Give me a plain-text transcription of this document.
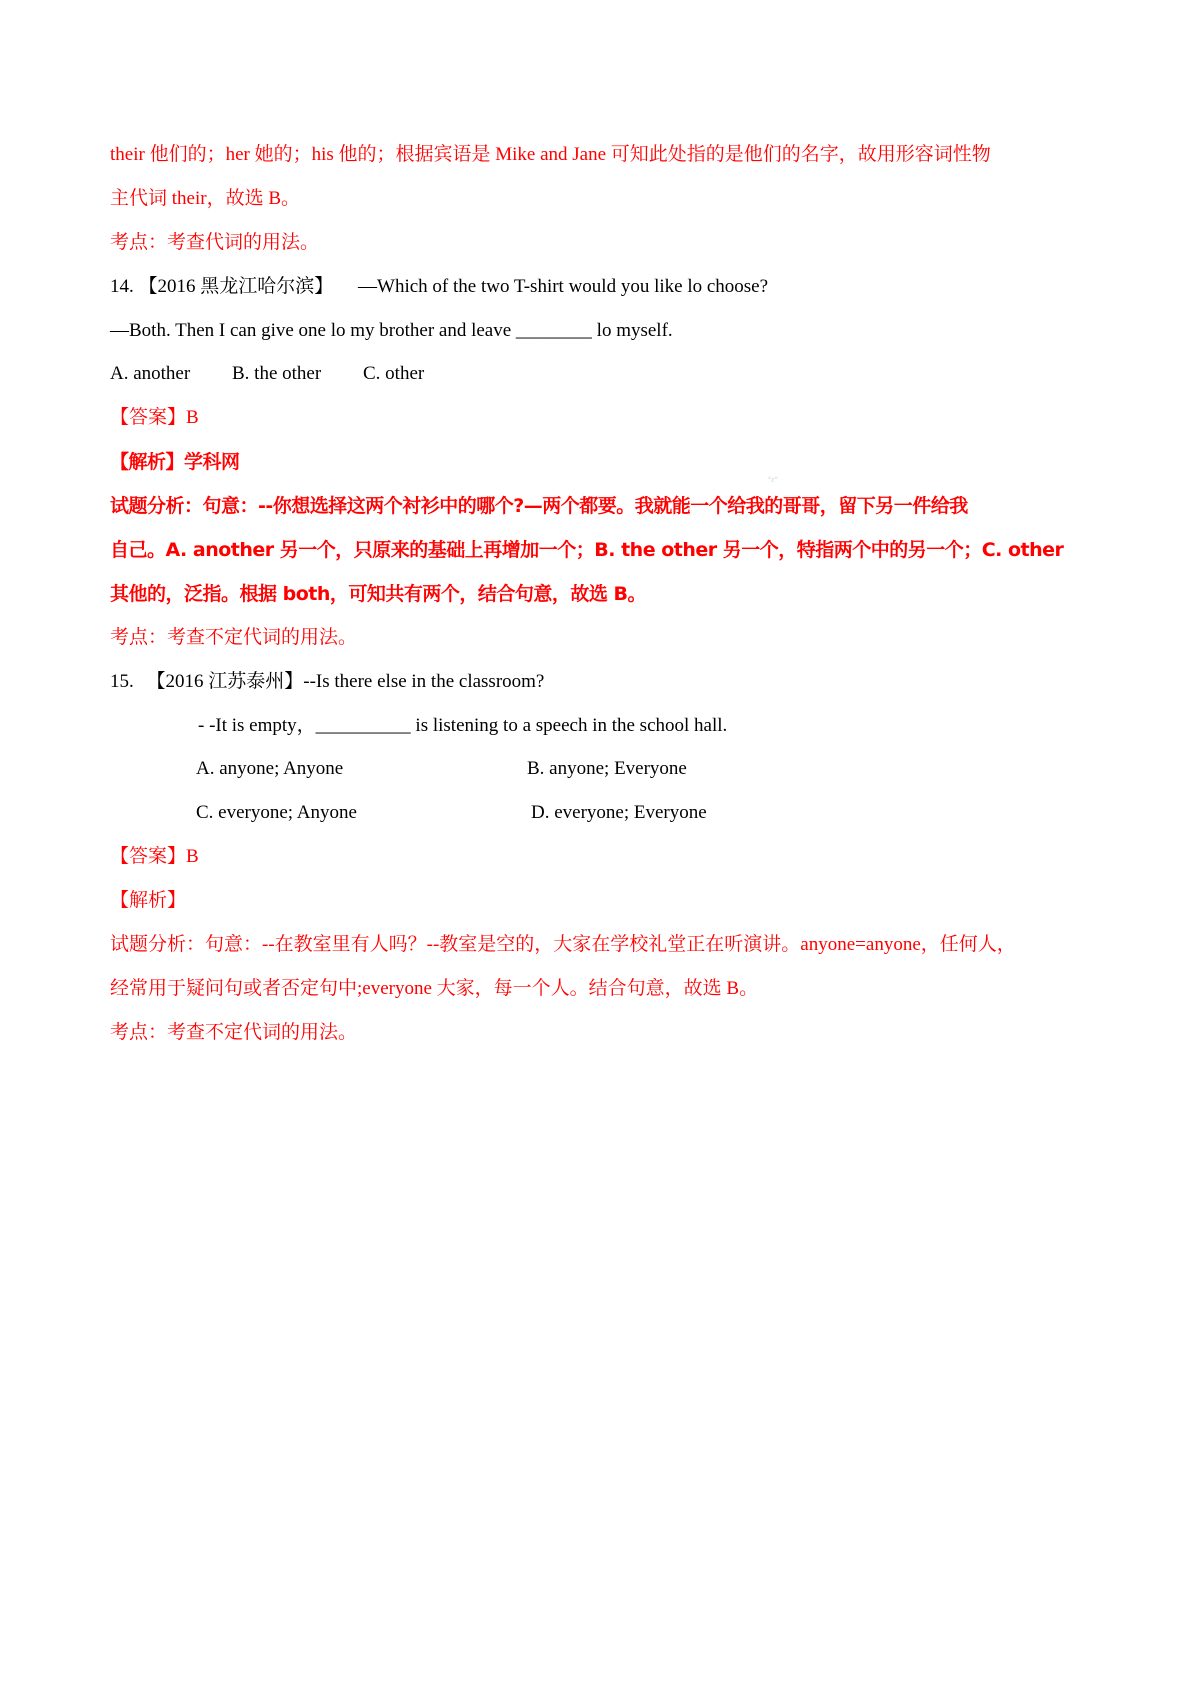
their 他们的；her 她的；his 他的；根据宾语是 Mike and Jane 可知此处指的是他们的名字，故用形容词性物
主代词 their，故选 B。
考点：考查代词的用法。
14. 【2016 黑龙江哈尔滨】 —Which of the two T-shirt would you like lo choose?
—Both. Then I can give one lo my brother and leave ________ lo myself.
A. another B. the other C. other
【答案】B
【解析】学科网
°ε°
试题分析：句意：--你想选择这两个衬衫中的哪个?—两个都要。我就能一个给我的哥哥，留下另一件给我
自己。A. another 另一个，只原来的基础上再增加一个；B. the other 另一个，特指两个中的另一个；C. other
其他的，泛指。根据 both，可知共有两个，结合句意，故选 B。
考点：考查不定代词的用法。
15. 【2016 江苏泰州】--Is there else in the classroom?
- -It is empty，__________ is listening to a speech in the school hall.
A. anyone; Anyone	B. anyone; Everyone
C. everyone; Anyone	D. everyone; Everyone
【答案】B
【解析】
试题分析：句意：--在教室里有人吗？--教室是空的，大家在学校礼堂正在听演讲。anyone=anyone，任何人，
经常用于疑问句或者否定句中;everyone 大家，每一个人。结合句意，故选 B。
考点：考查不定代词的用法。
